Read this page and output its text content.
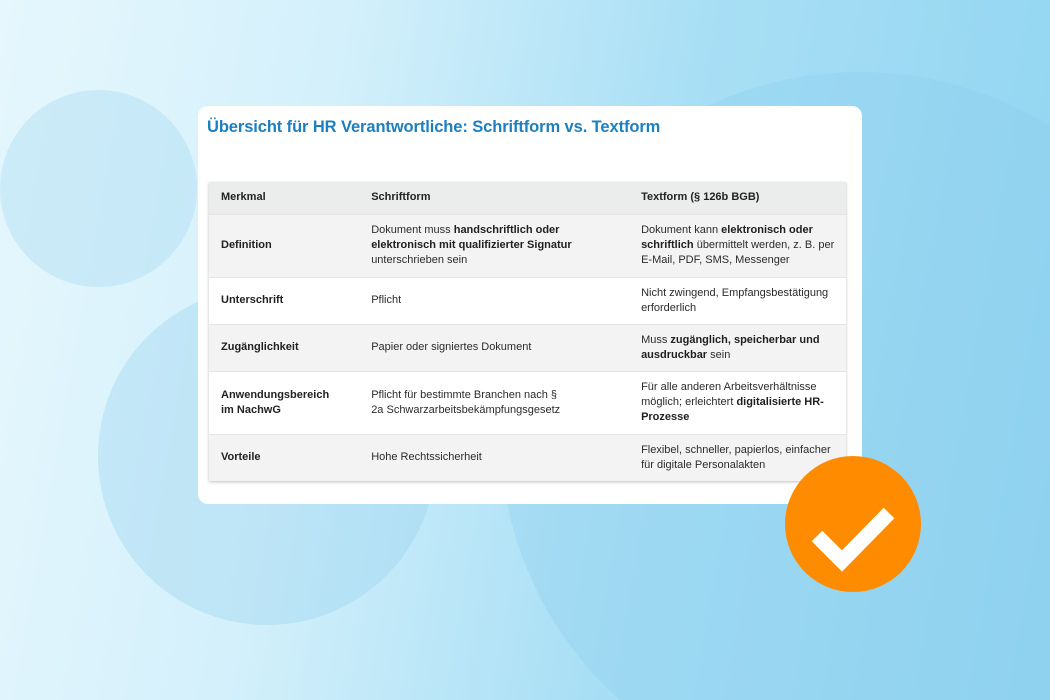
Übersicht für HR Verantwortliche: Schriftform vs. Textform
Merkmal	Schriftform	Textform (§ 126b BGB)
Definition	Dokument muss handschriftlich oder elektronisch mit qualifizierter Signatur unterschrieben sein	Dokument kann elektronisch oder schriftlich übermittelt werden, z. B. per E-Mail, PDF, SMS, Messenger
Unterschrift	Pflicht	Nicht zwingend, Empfangsbestätigung erforderlich
Zugänglichkeit	Papier oder signiertes Dokument	Muss zugänglich, speicherbar und ausdruckbar sein
Anwendungsbereich im NachwG	Pflicht für bestimmte Branchen nach § 2a Schwarzarbeitsbekämpfungsgesetz	Für alle anderen Arbeitsverhältnisse möglich; erleichtert digitalisierte HR-Prozesse
Vorteile	Hohe Rechtssicherheit	Flexibel, schneller, papierlos, einfacher für digitale Personalakten
